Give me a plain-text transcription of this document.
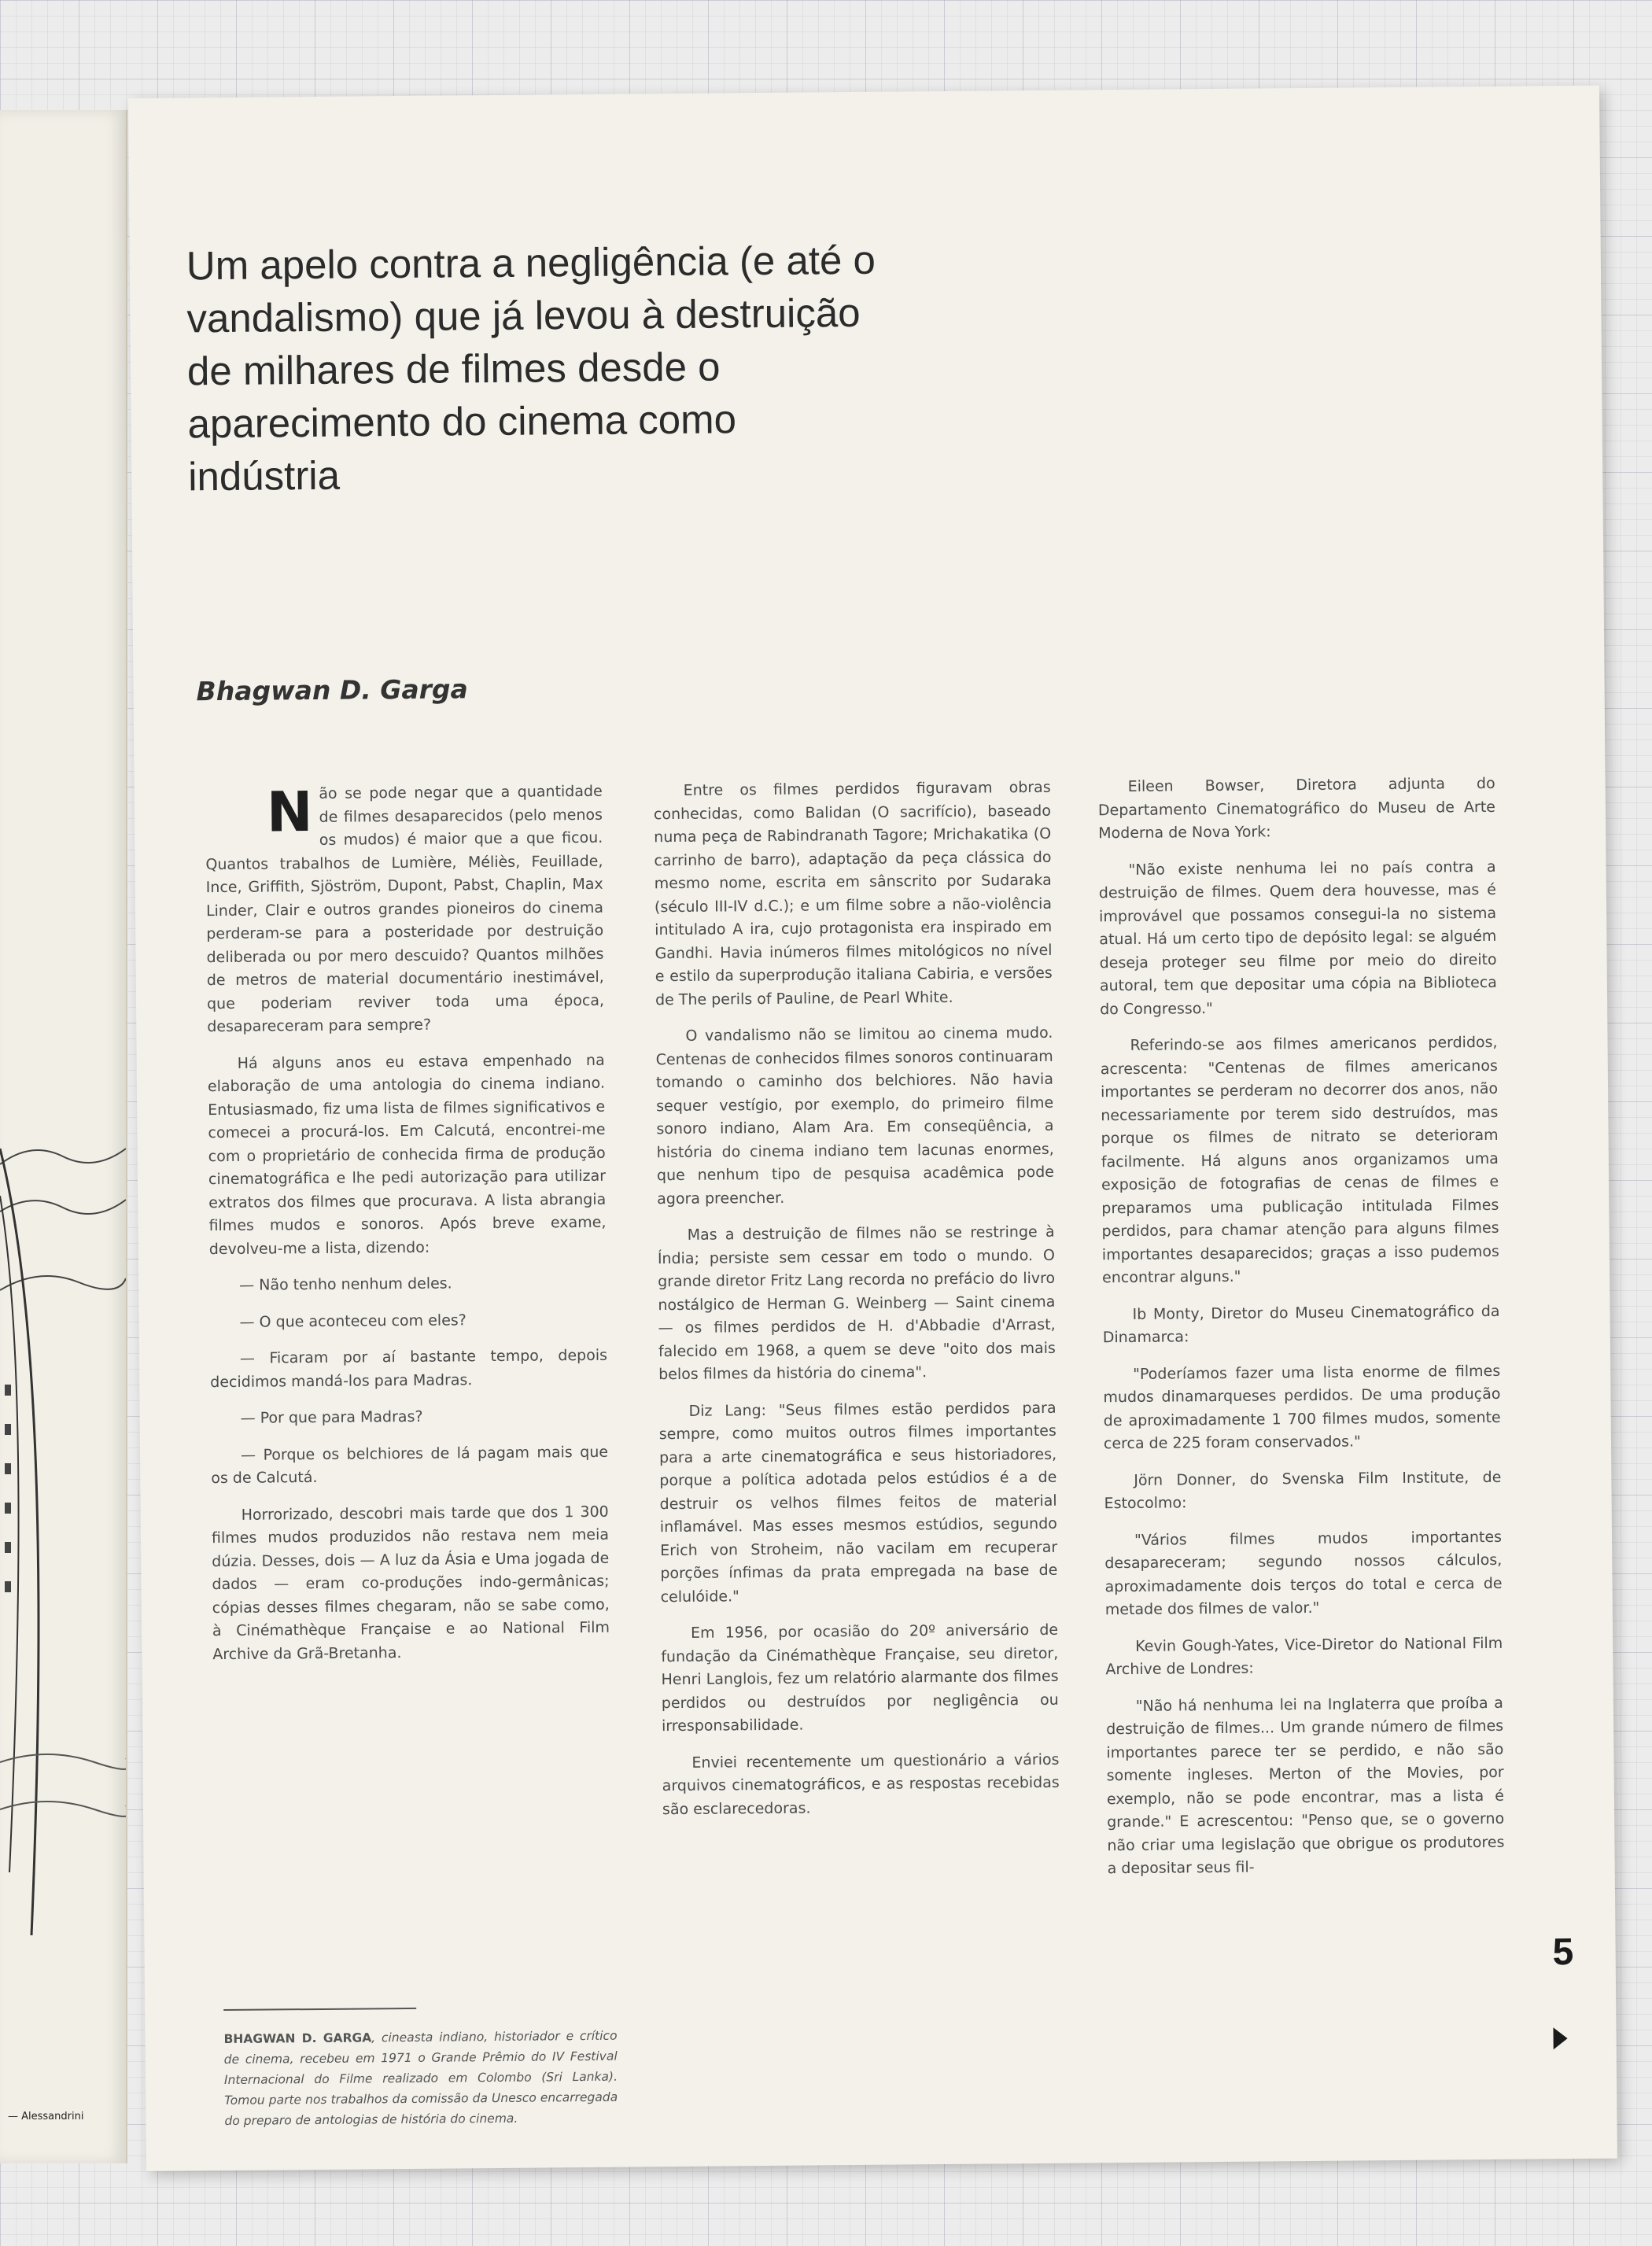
— Alessandrini
Um apelo contra a negligência (e até o vandalismo) que já levou à destruição de milhares de filmes desde o aparecimento do cinema como indústria
Bhagwan D. Garga

Não se pode negar que a quantidade de filmes desaparecidos (pelo menos os mudos) é maior que a que ficou. Quantos trabalhos de Lumière, Méliès, Feuillade, Ince, Griffith, Sjöström, Dupont, Pabst, Chaplin, Max Linder, Clair e outros grandes pioneiros do cinema perderam-se para a posteridade por destruição deliberada ou por mero descuido? Quantos milhões de metros de material documentário inestimável, que poderiam reviver toda uma época, desapareceram para sempre?

Há alguns anos eu estava empenhado na elaboração de uma antologia do cinema indiano. Entusiasmado, fiz uma lista de filmes significativos e comecei a procurá-los. Em Calcutá, encontrei-me com o proprietário de conhecida firma de produção cinematográfica e lhe pedi autorização para utilizar extratos dos filmes que procurava. A lista abrangia filmes mudos e sonoros. Após breve exame, devolveu-me a lista, dizendo:

— Não tenho nenhum deles.

— O que aconteceu com eles?

— Ficaram por aí bastante tempo, depois decidimos mandá-los para Madras.

— Por que para Madras?

— Porque os belchiores de lá pagam mais que os de Calcutá.

Horrorizado, descobri mais tarde que dos 1 300 filmes mudos produzidos não restava nem meia dúzia. Desses, dois — A luz da Ásia e Uma jogada de dados — eram co-produções indo-germânicas; cópias desses filmes chegaram, não se sabe como, à Cinémathèque Française e ao National Film Archive da Grã-Bretanha.

Entre os filmes perdidos figuravam obras conhecidas, como Balidan (O sacrifício), baseado numa peça de Rabindranath Tagore; Mrichakatika (O carrinho de barro), adaptação da peça clássica do mesmo nome, escrita em sânscrito por Sudaraka (século III-IV d.C.); e um filme sobre a não-violência intitulado A ira, cujo protagonista era inspirado em Gandhi. Havia inúmeros filmes mitológicos no nível e estilo da superprodução italiana Cabiria, e versões de The perils of Pauline, de Pearl White.

O vandalismo não se limitou ao cinema mudo. Centenas de conhecidos filmes sonoros continuaram tomando o caminho dos belchiores. Não havia sequer vestígio, por exemplo, do primeiro filme sonoro indiano, Alam Ara. Em conseqüência, a história do cinema indiano tem lacunas enormes, que nenhum tipo de pesquisa acadêmica pode agora preencher.

Mas a destruição de filmes não se restringe à Índia; persiste sem cessar em todo o mundo. O grande diretor Fritz Lang recorda no prefácio do livro nostálgico de Herman G. Weinberg — Saint cinema — os filmes perdidos de H. d'Abbadie d'Arrast, falecido em 1968, a quem se deve "oito dos mais belos filmes da história do cinema".

Diz Lang: "Seus filmes estão perdidos para sempre, como muitos outros filmes importantes para a arte cinematográfica e seus historiadores, porque a política adotada pelos estúdios é a de destruir os velhos filmes feitos de material inflamável. Mas esses mesmos estúdios, segundo Erich von Stroheim, não vacilam em recuperar porções ínfimas da prata empregada na base de celulóide."

Em 1956, por ocasião do 20º aniversário de fundação da Cinémathèque Française, seu diretor, Henri Langlois, fez um relatório alarmante dos filmes perdidos ou destruídos por negligência ou irresponsabilidade.

Enviei recentemente um questionário a vários arquivos cinematográficos, e as respostas recebidas são esclarecedoras.

Eileen Bowser, Diretora adjunta do Departamento Cinematográfico do Museu de Arte Moderna de Nova York:

"Não existe nenhuma lei no país contra a destruição de filmes. Quem dera houvesse, mas é improvável que possamos consegui-la no sistema atual. Há um certo tipo de depósito legal: se alguém deseja proteger seu filme por meio do direito autoral, tem que depositar uma cópia na Biblioteca do Congresso."

Referindo-se aos filmes americanos perdidos, acrescenta: "Centenas de filmes americanos importantes se perderam no decorrer dos anos, não necessariamente por terem sido destruídos, mas porque os filmes de nitrato se deterioram facilmente. Há alguns anos organizamos uma exposição de fotografias de cenas de filmes e preparamos uma publicação intitulada Filmes perdidos, para chamar atenção para alguns filmes importantes desaparecidos; graças a isso pudemos encontrar alguns."

Ib Monty, Diretor do Museu Cinematográfico da Dinamarca:

"Poderíamos fazer uma lista enorme de filmes mudos dinamarqueses perdidos. De uma produção de aproximadamente 1 700 filmes mudos, somente cerca de 225 foram conservados."

Jörn Donner, do Svenska Film Institute, de Estocolmo:

"Vários filmes mudos importantes desapareceram; segundo nossos cálculos, aproximadamente dois terços do total e cerca de metade dos filmes de valor."

Kevin Gough-Yates, Vice-Diretor do National Film Archive de Londres:

"Não há nenhuma lei na Inglaterra que proíba a destruição de filmes... Um grande número de filmes importantes parece ter se perdido, e não são somente ingleses. Merton of the Movies, por exemplo, não se pode encontrar, mas a lista é grande." E acrescentou: "Penso que, se o governo não criar uma legislação que obrigue os produtores a depositar seus fil-

BHAGWAN D. GARGA, cineasta indiano, historiador e crítico de cinema, recebeu em 1971 o Grande Prêmio do IV Festival Internacional do Filme realizado em Colombo (Sri Lanka). Tomou parte nos trabalhos da comissão da Unesco encarregada do preparo de antologias de história do cinema.

5
